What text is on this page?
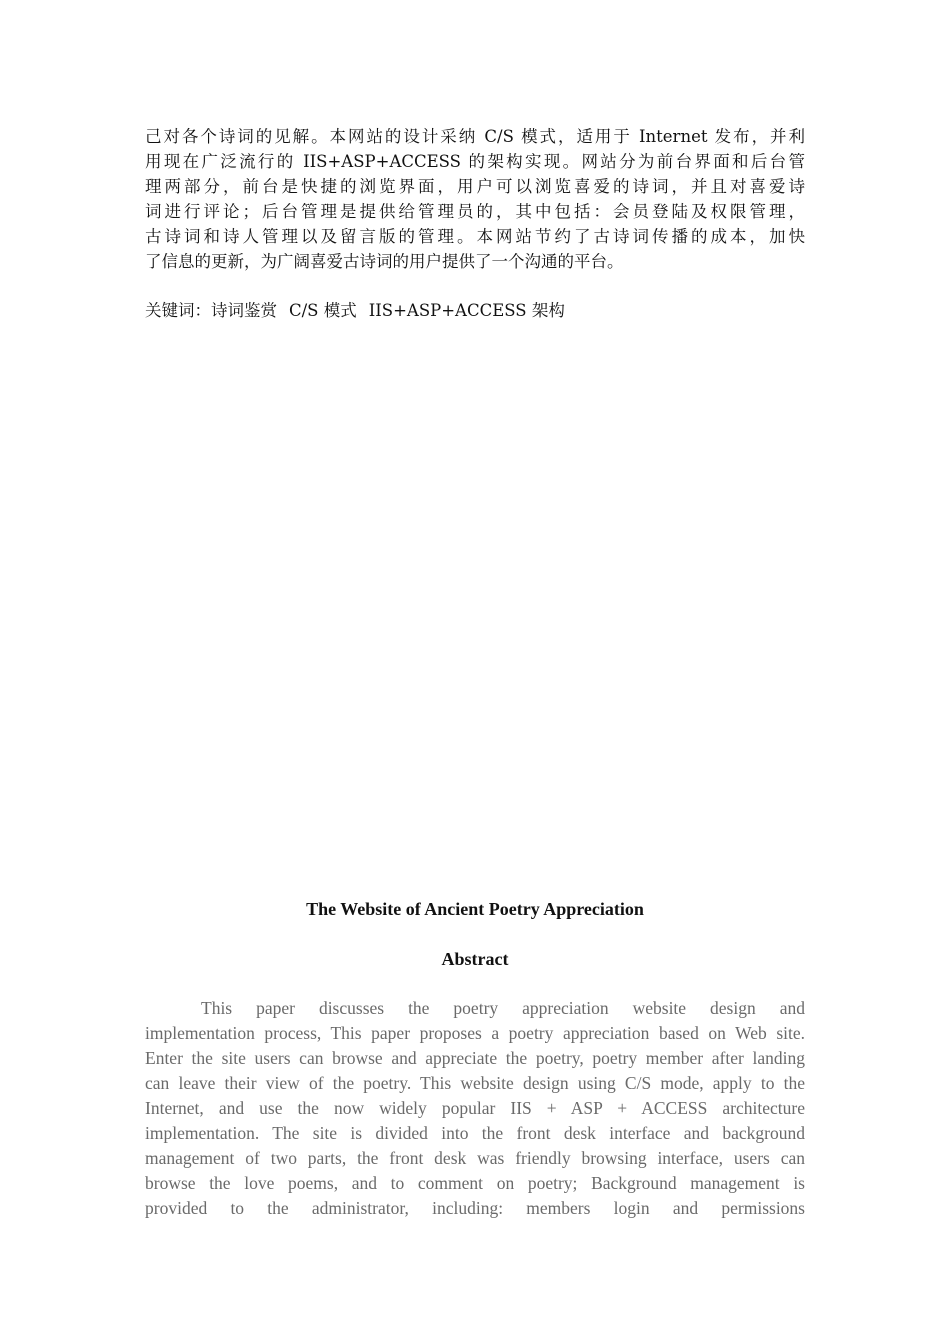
己对各个诗词的见解。本网站的设计采纳 C/S 模式，适用于 Internet 发布，并利
用现在广泛流行的 IIS+ASP+ACCESS 的架构实现。网站分为前台界面和后台管
理两部分，前台是快捷的浏览界面，用户可以浏览喜爱的诗词，并且对喜爱诗
词进行评论；后台管理是提供给管理员的，其中包括：会员登陆及权限管理，
古诗词和诗人管理以及留言版的管理。本网站节约了古诗词传播的成本，加快
了信息的更新，为广阔喜爱古诗词的用户提供了一个沟通的平台。
关键词：诗词鉴赏 C/S 模式 IIS+ASP+ACCESS 架构
The Website of Ancient Poetry Appreciation
Abstract
This paper discusses the poetry appreciation website design and
implementation process, This paper proposes a poetry appreciation based on Web site.
Enter the site users can browse and appreciate the poetry, poetry member after landing
can leave their view of the poetry. This website design using C/S mode, apply to the
Internet, and use the now widely popular IIS + ASP + ACCESS architecture
implementation. The site is divided into the front desk interface and background
management of two parts, the front desk was friendly browsing interface, users can
browse the love poems, and to comment on poetry; Background management is
provided to the administrator, including: members login and permissions
